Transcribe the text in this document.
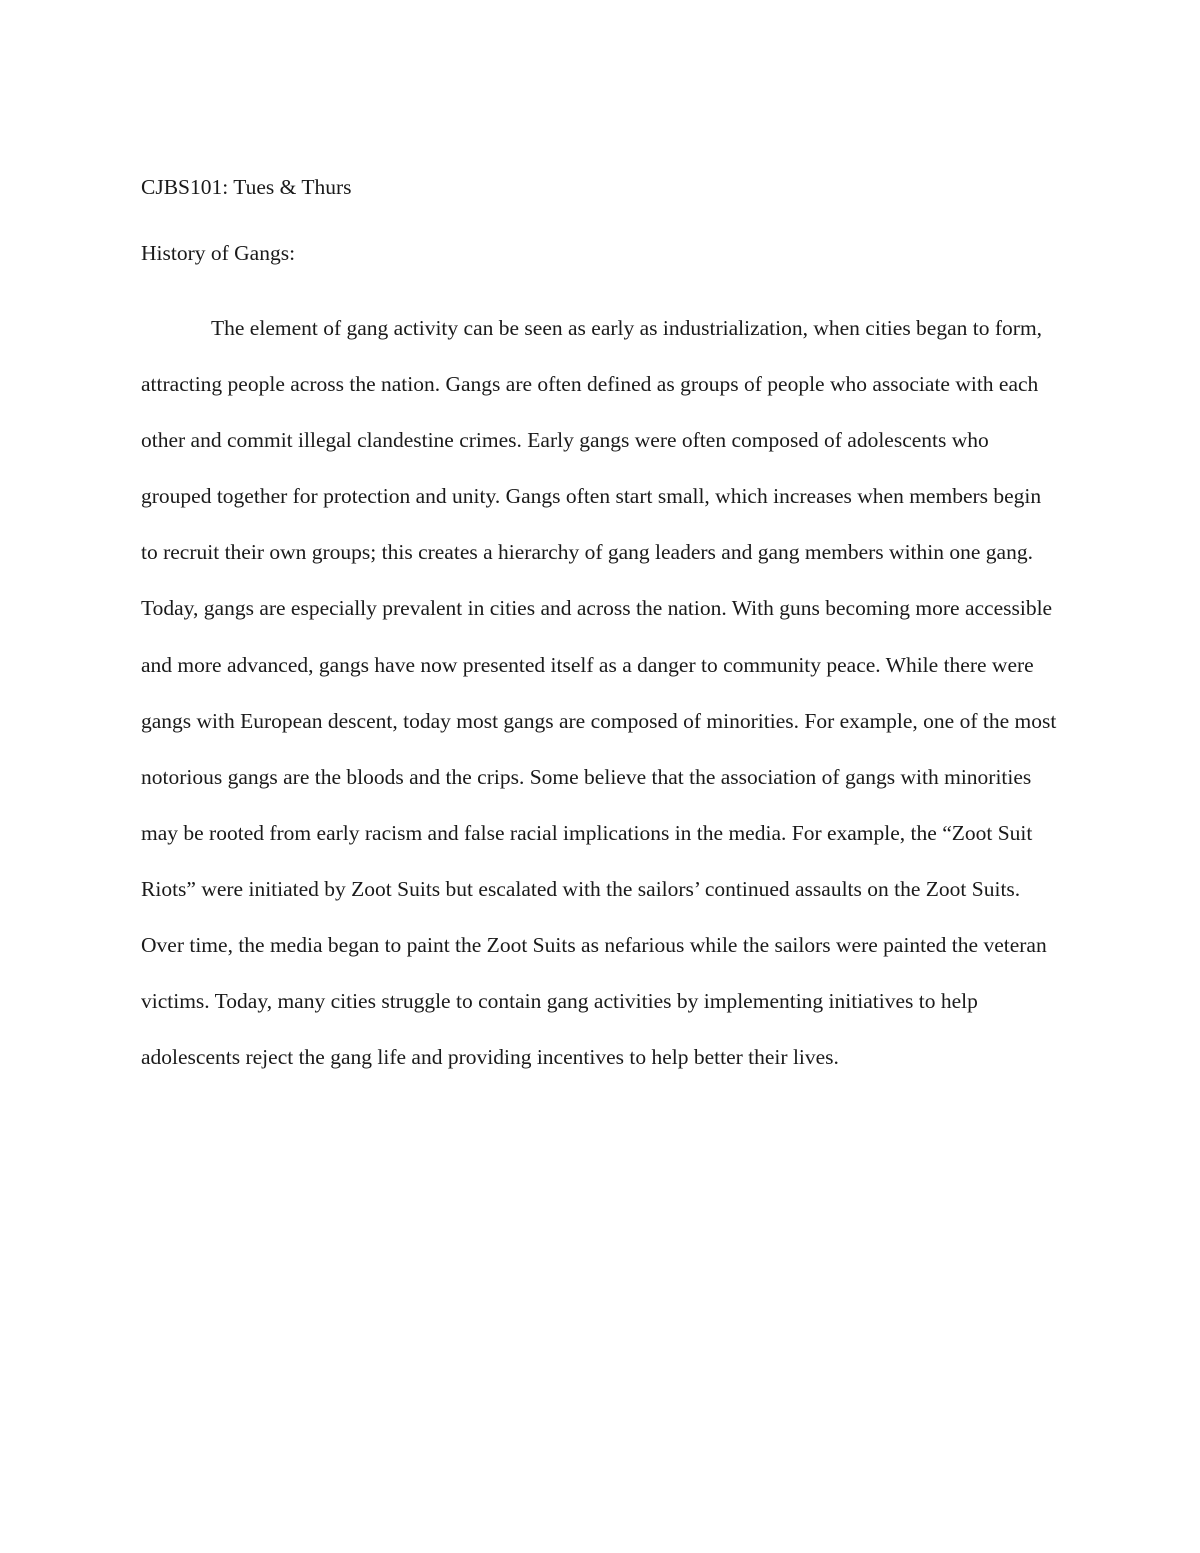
CJBS101: Tues & Thurs

History of Gangs:

The element of gang activity can be seen as early as industrialization, when cities began to form, attracting people across the nation. Gangs are often defined as groups of people who associate with each other and commit illegal clandestine crimes. Early gangs were often composed of adolescents who grouped together for protection and unity. Gangs often start small, which increases when members begin to recruit their own groups; this creates a hierarchy of gang leaders and gang members within one gang. Today, gangs are especially prevalent in cities and across the nation. With guns becoming more accessible and more advanced, gangs have now presented itself as a danger to community peace. While there were gangs with European descent, today most gangs are composed of minorities. For example, one of the most notorious gangs are the bloods and the crips. Some believe that the association of gangs with minorities may be rooted from early racism and false racial implications in the media. For example, the “Zoot Suit Riots” were initiated by Zoot Suits but escalated with the sailors’ continued assaults on the Zoot Suits. Over time, the media began to paint the Zoot Suits as nefarious while the sailors were painted the veteran victims. Today, many cities struggle to contain gang activities by implementing initiatives to help adolescents reject the gang life and providing incentives to help better their lives.
